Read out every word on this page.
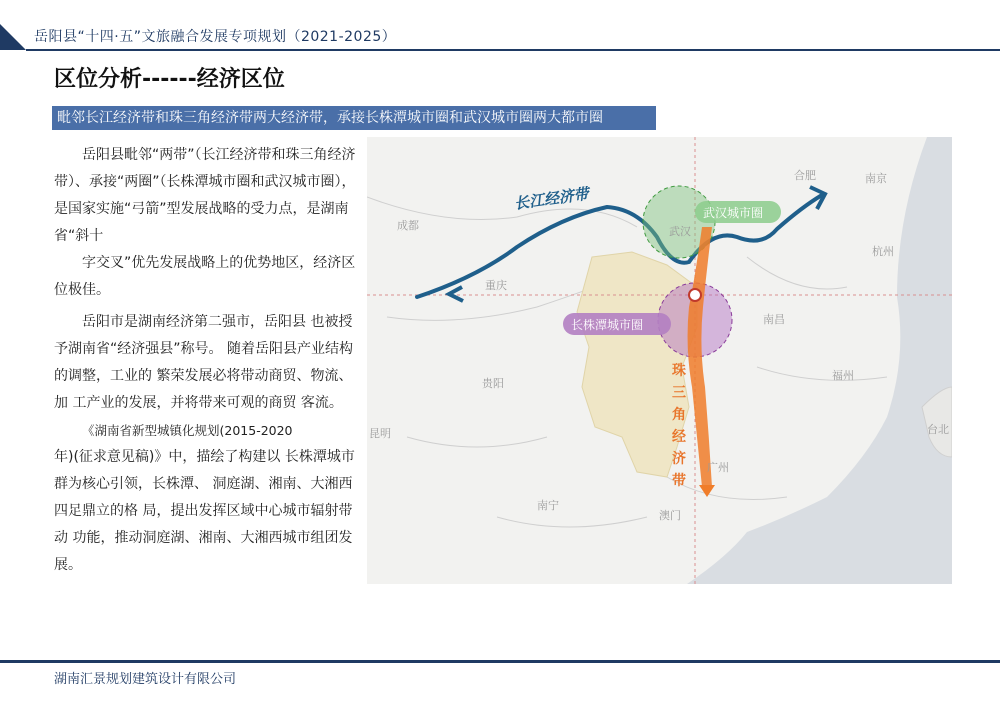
岳阳县“十四·五”文旅融合发展专项规划（2021-2025）
区位分析------经济区位
毗邻长江经济带和珠三角经济带两大经济带，承接长株潭城市圈和武汉城市圈两大都市圈

岳阳县毗邻“两带”（长江经济带和珠三角经济带）、承接“两圈”（长株潭城市圈和武汉城市圈），是国家实施“弓箭”型发展战略的受力点，是湖南省“斜十

字交叉”优先发展战略上的优势地区，经济区位极佳。

岳阳市是湖南经济第二强市，岳阳县 也被授予湖南省“经济强县”称号。 随着岳阳县产业结构的调整，工业的 繁荣发展必将带动商贸、物流、加 工产业的发展，并将带来可观的商贸 客流。

《湖南省新型城镇化规划(2015-2020

年)(征求意见稿)》中，描绘了构建以 长株潭城市群为核心引领，长株潭、 洞庭湖、湘南、大湘西四足鼎立的格 局，提出发挥区域中心城市辐射带动 功能，推动洞庭湖、湘南、大湘西城市组团发展。

武汉城市圈
长株潭城市圈
长江经济带
珠三角经济带
合肥	南京
杭州
成都
重庆
武汉
南昌
贵阳
福州
昆明
广州
南宁
澳门
台北
湖南汇景规划建筑设计有限公司
